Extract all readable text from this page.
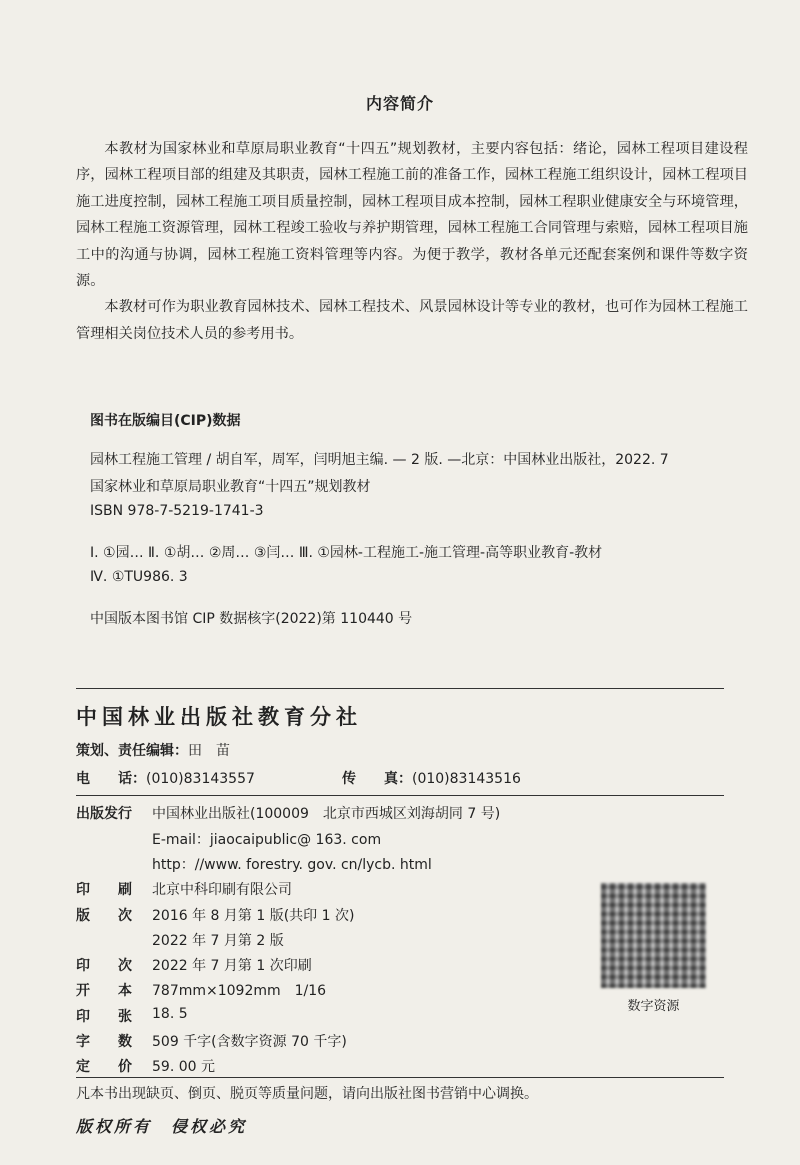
内容简介

本教材为国家林业和草原局职业教育“十四五”规划教材，主要内容包括：绪论，园林工程项目建设程序，园林工程项目部的组建及其职责，园林工程施工前的准备工作，园林工程施工组织设计，园林工程项目施工进度控制，园林工程施工项目质量控制，园林工程项目成本控制，园林工程职业健康安全与环境管理，园林工程施工资源管理，园林工程竣工验收与养护期管理，园林工程施工合同管理与索赔，园林工程项目施工中的沟通与协调，园林工程施工资料管理等内容。为便于教学，教材各单元还配套案例和课件等数字资源。

本教材可作为职业教育园林技术、园林工程技术、风景园林设计等专业的教材，也可作为园林工程施工管理相关岗位技术人员的参考用书。

图书在版编目(CIP)数据
园林工程施工管理 / 胡自军，周军，闫明旭主编. — 2 版. —北京：中国林业出版社，2022. 7
国家林业和草原局职业教育“十四五”规划教材
ISBN 978-7-5219-1741-3
Ⅰ. ①园… Ⅱ. ①胡… ②周… ③闫… Ⅲ. ①园林-工程施工-施工管理-高等职业教育-教材
Ⅳ. ①TU986. 3
中国版本图书馆 CIP 数据核字(2022)第 110440 号
中国林业出版社教育分社
策划、责任编辑：田　苗
电　　话：(010)83143557	传　　真：(010)83143516
出版发行 中国林业出版社(100009　北京市西城区刘海胡同 7 号)
E-mail：jiaocaipublic@ 163. com
http：//www. forestry. gov. cn/lycb. html
印　　刷 北京中科印刷有限公司
版　　次 2016 年 8 月第 1 版(共印 1 次)
2022 年 7 月第 2 版
印　　次 2022 年 7 月第 1 次印刷
开　　本 787mm×1092mm　1/16
印　　张 18. 5
字　　数 509 千字(含数字资源 70 千字)
定　　价 59. 00 元
数字资源
凡本书出现缺页、倒页、脱页等质量问题，请向出版社图书营销中心调换。
版权所有　侵权必究
